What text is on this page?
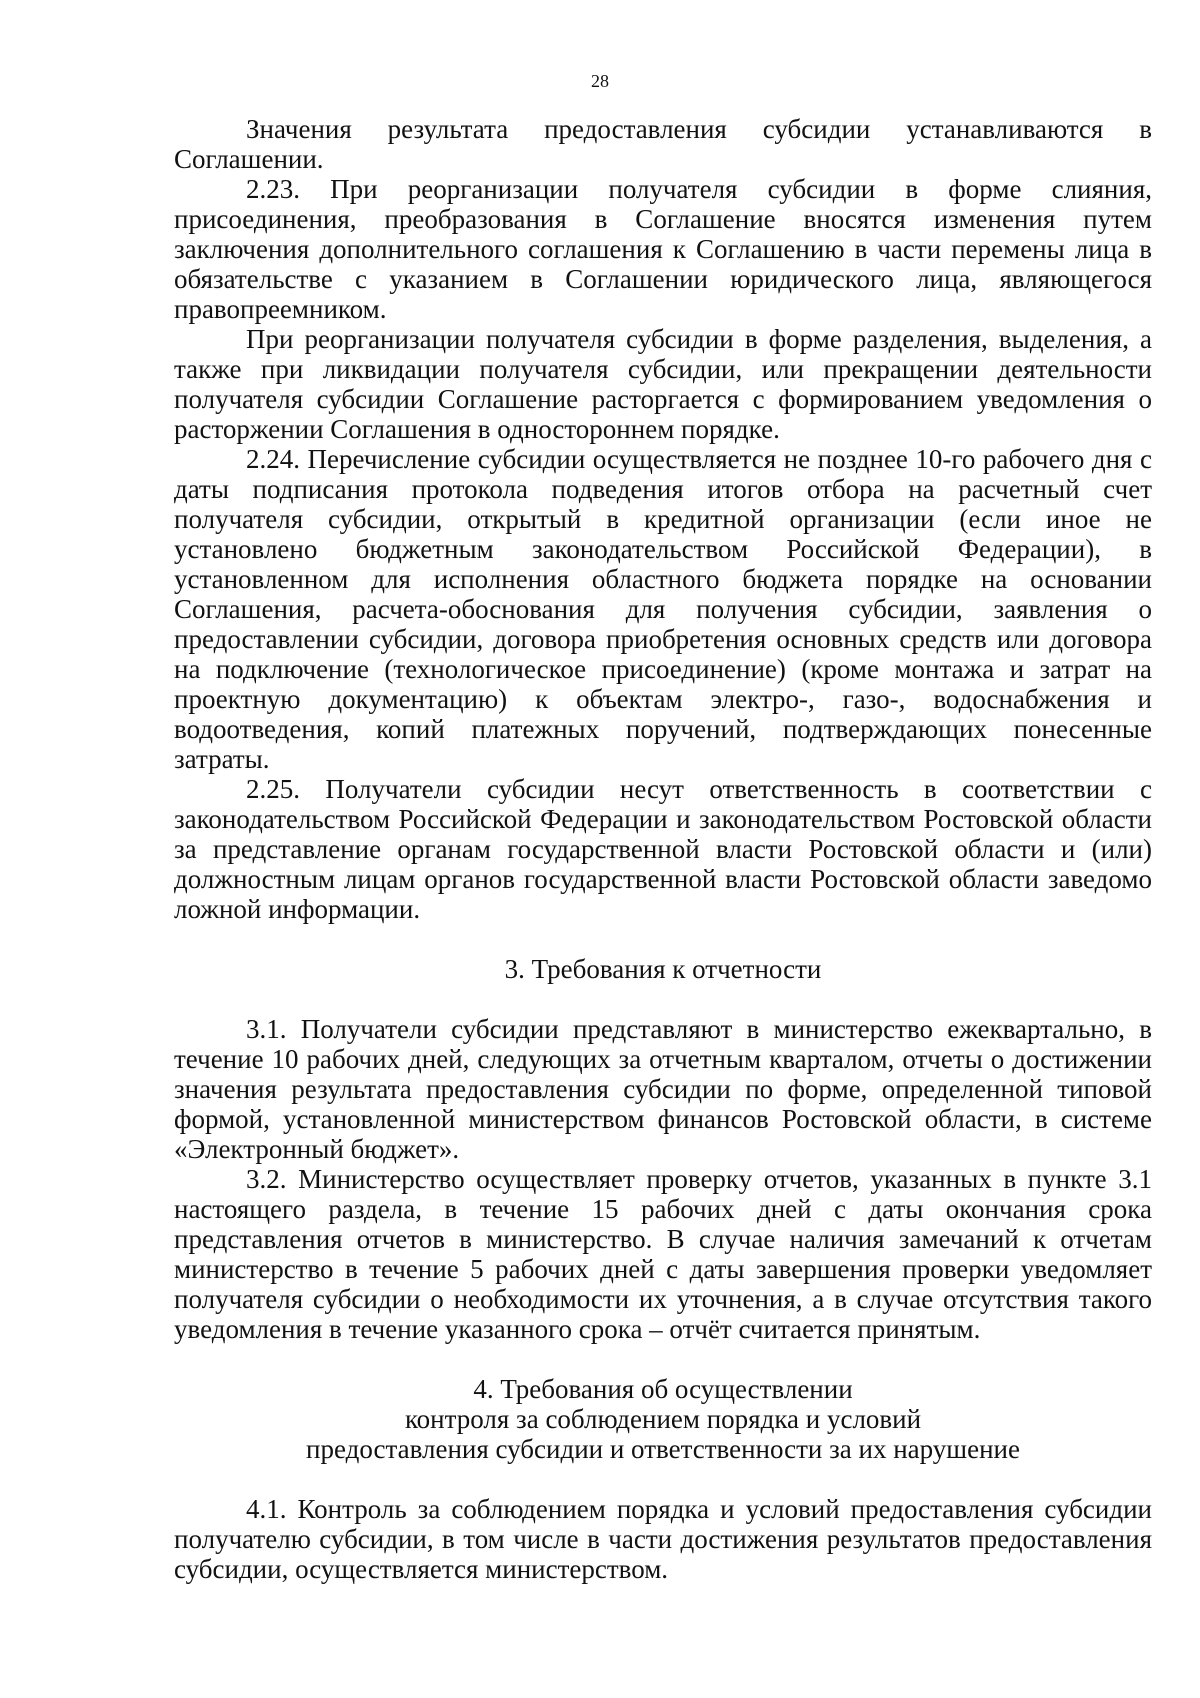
28

Значения результата предоставления субсидии устанавливаются в Соглашении.

2.23. При реорганизации получателя субсидии в форме слияния, присоединения, преобразования в Соглашение вносятся изменения путем заключения дополнительного соглашения к Соглашению в части перемены лица в обязательстве с указанием в Соглашении юридического лица, являющегося правопреемником.

При реорганизации получателя субсидии в форме разделения, выделения, а также при ликвидации получателя субсидии, или прекращении деятельности получателя субсидии Соглашение расторгается с формированием уведомления о расторжении Соглашения в одностороннем порядке.

2.24. Перечисление субсидии осуществляется не позднее 10-го рабочего дня с даты подписания протокола подведения итогов отбора на расчетный счет получателя субсидии, открытый в кредитной организации (если иное не установлено бюджетным законодательством Российской Федерации), в установленном для исполнения областного бюджета порядке на основании Соглашения, расчета-обоснования для получения субсидии, заявления о предоставлении субсидии, договора приобретения основных средств или договора на подключение (технологическое присоединение) (кроме монтажа и затрат на проектную документацию) к объектам электро-, газо-, водоснабжения и водоотведения, копий платежных поручений, подтверждающих понесенные затраты.

2.25. Получатели субсидии несут ответственность в соответствии с законодательством Российской Федерации и законодательством Ростовской области за представление органам государственной власти Ростовской области и (или) должностным лицам органов государственной власти Ростовской области заведомо ложной информации.

3. Требования к отчетности

3.1. Получатели субсидии представляют в министерство ежеквартально, в течение 10 рабочих дней, следующих за отчетным кварталом, отчеты о достижении значения результата предоставления субсидии по форме, определенной типовой формой, установленной министерством финансов Ростовской области, в системе «Электронный бюджет».

3.2. Министерство осуществляет проверку отчетов, указанных в пункте 3.1 настоящего раздела, в течение 15 рабочих дней с даты окончания срока представления отчетов в министерство. В случае наличия замечаний к отчетам министерство в течение 5 рабочих дней с даты завершения проверки уведомляет получателя субсидии о необходимости их уточнения, а в случае отсутствия такого уведомления в течение указанного срока – отчёт считается принятым.

4. Требования об осуществлении
контроля за соблюдением порядка и условий
предоставления субсидии и ответственности за их нарушение

4.1. Контроль за соблюдением порядка и условий предоставления субсидии получателю субсидии, в том числе в части достижения результатов предоставления субсидии, осуществляется министерством.
